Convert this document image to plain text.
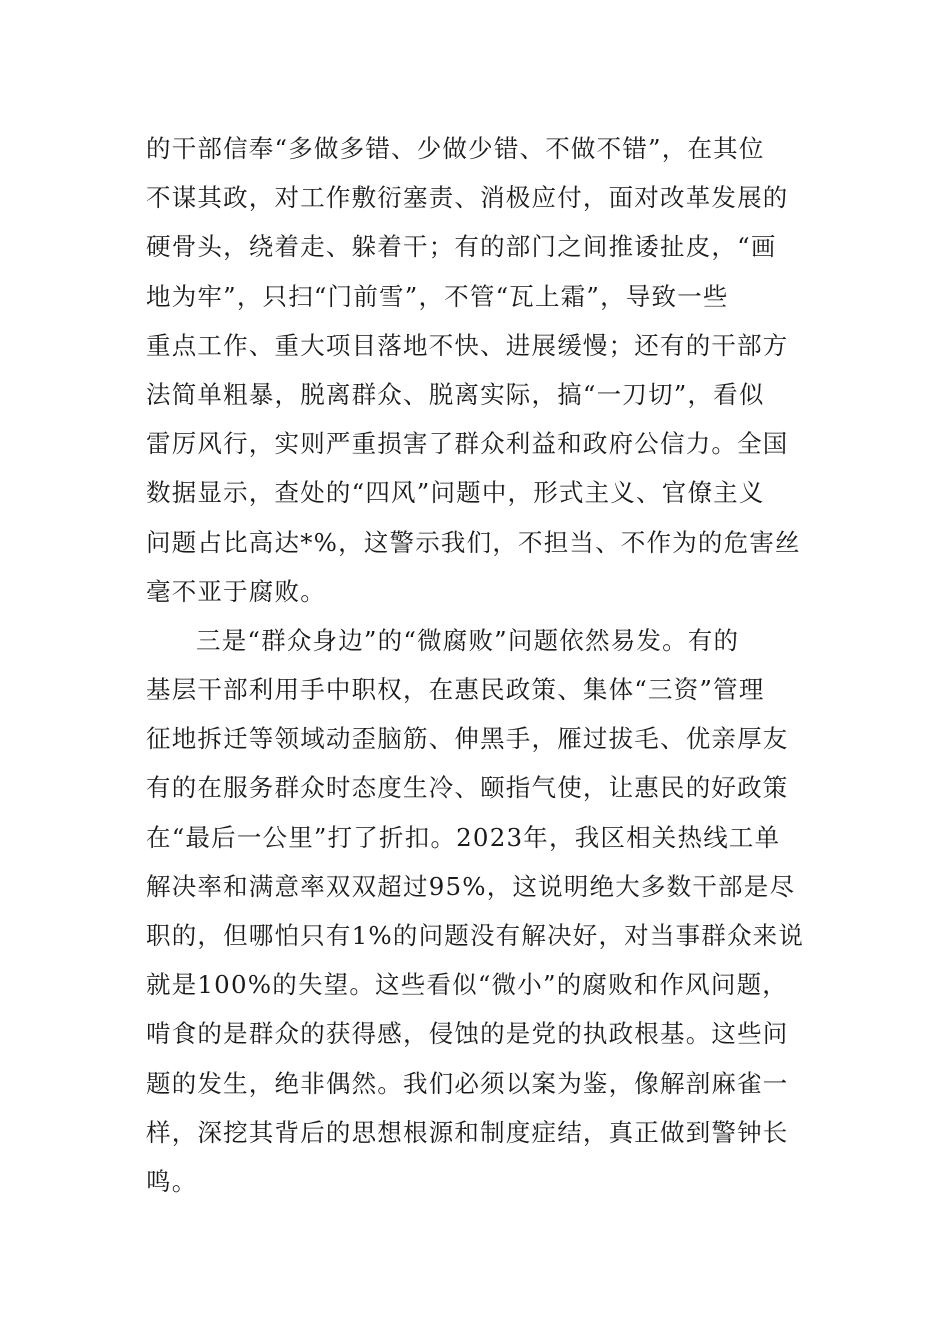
的干部信奉“多做多错、少做少错、不做不错”，在其位
不谋其政，对工作敷衍塞责、消极应付，面对改革发展的
硬骨头，绕着走、躲着干；有的部门之间推诿扯皮，“画
地为牢”，只扫“门前雪”，不管“瓦上霜”，导致一些
重点工作、重大项目落地不快、进展缓慢；还有的干部方
法简单粗暴，脱离群众、脱离实际，搞“一刀切”，看似
雷厉风行，实则严重损害了群众利益和政府公信力。全国
数据显示，查处的“四风”问题中，形式主义、官僚主义
问题占比高达*%，这警示我们，不担当、不作为的危害丝
毫不亚于腐败。
三是“群众身边”的“微腐败”问题依然易发。有的
基层干部利用手中职权，在惠民政策、集体“三资”管理
征地拆迁等领域动歪脑筋、伸黑手，雁过拔毛、优亲厚友
有的在服务群众时态度生冷、颐指气使，让惠民的好政策
在“最后一公里”打了折扣。2023年，我区相关热线工单
解决率和满意率双双超过95%，这说明绝大多数干部是尽
职的，但哪怕只有1%的问题没有解决好，对当事群众来说
就是100%的失望。这些看似“微小”的腐败和作风问题，
啃食的是群众的获得感，侵蚀的是党的执政根基。这些问
题的发生，绝非偶然。我们必须以案为鉴，像解剖麻雀一
样，深挖其背后的思想根源和制度症结，真正做到警钟长
鸣。
